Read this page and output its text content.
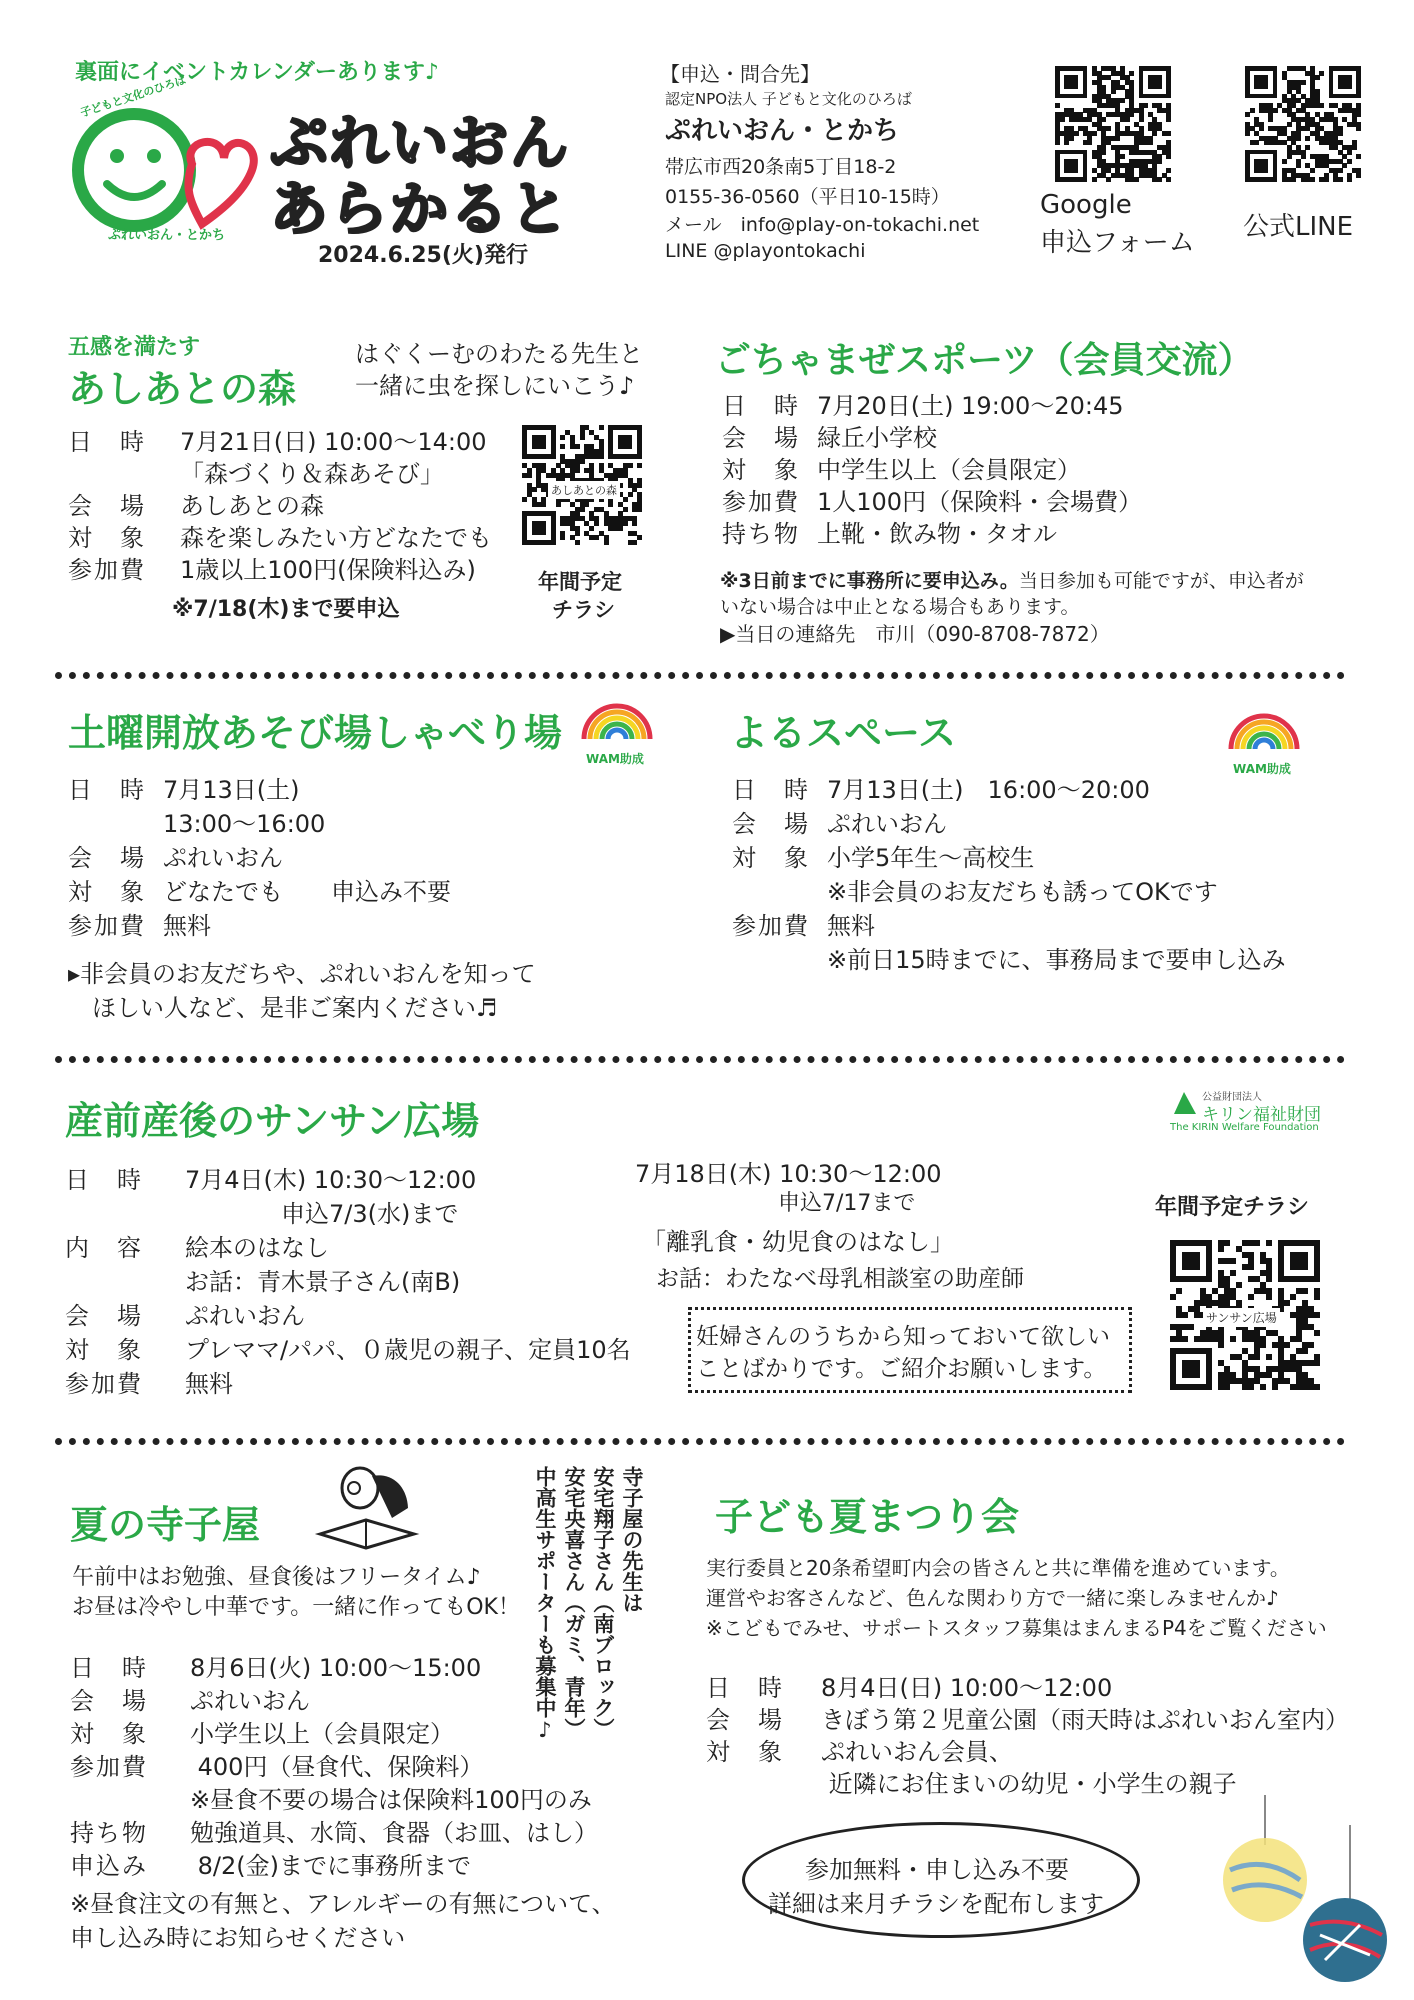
裏面にイベントカレンダーあります♪
子どもと文化のひろば
ぷれいおん・とかち
ぷれいおん
あらかると
2024.6.25(火)発行
【申込・問合先】
認定NPO法人 子どもと文化のひろば
ぷれいおん・とかち
帯広市西20条南5丁目18-2
0155-36-0560（平日10-15時）
メール　info@play-on-tokachi.net
LINE @playontokachi
Google
申込フォーム
公式LINE
五感を満たす
あしあとの森
はぐくーむのわたる先生と
一緒に虫を探しにいこう♪
日　時 7月21日(日) 10:00～14:00
「森づくり＆森あそび」
会　場 あしあとの森
対　象 森を楽しみたい方どなたでも
参加費 1歳以上100円(保険料込み)
※7/18(木)まで要申込
あしあとの森
年間予定
チラシ
ごちゃまぜスポーツ（会員交流）
日　時 7月20日(土) 19:00～20:45
会　場 緑丘小学校
対　象 中学生以上（会員限定）
参加費 1人100円（保険料・会場費）
持ち物 上靴・飲み物・タオル
※3日前までに事務所に要申込み。当日参加も可能ですが、申込者が
いない場合は中止となる場合もあります。
▶当日の連絡先　市川（090-8708-7872）
土曜開放あそび場しゃべり場
WAM助成
日　時 7月13日(土)
13:00～16:00
会　場 ぷれいおん
対　象 どなたでも　　申込み不要
参加費 無料
▸非会員のお友だちや、ぷれいおんを知って
ほしい人など、是非ご案内ください♬
よるスペース
WAM助成
日　時 7月13日(土)　16:00～20:00
会　場 ぷれいおん
対　象 小学5年生～高校生
※非会員のお友だちも誘ってOKです
参加費 無料
※前日15時までに、事務局まで要申し込み
産前産後のサンサン広場
公益財団法人
キリン福祉財団
The KIRIN Welfare Foundation
日　時 7月4日(木) 10:30～12:00
　　　　申込7/3(水)まで
内　容 絵本のはなし
お話：青木景子さん(南B)
会　場 ぷれいおん
対　象 プレママ/パパ、０歳児の親子、定員10名
参加費 無料
7月18日(木) 10:30～12:00
申込7/17まで
「離乳食・幼児食のはなし」
お話：わたなべ母乳相談室の助産師
妊婦さんのうちから知っておいて欲しい
ことばかりです。ご紹介お願いします。
年間予定チラシ
サンサン広場
夏の寺子屋
午前中はお勉強、昼食後はフリータイム♪
お昼は冷やし中華です。一緒に作ってもOK！
日　時 8月6日(火) 10:00～15:00
会　場 ぷれいおん
対　象 小学生以上（会員限定）
参加費 400円（昼食代、保険料）
※昼食不要の場合は保険料100円のみ
持ち物 勉強道具、水筒、食器（お皿、はし）
申込み 8/2(金)までに事務所まで
※昼食注文の有無と、アレルギーの有無について、
申し込み時にお知らせください
寺子屋の先生は
安宅翔子さん（南ブロック）
安宅央喜さん（ガミ、青年）
中高生サポーターも募集中♪	子ども夏まつり会
実行委員と20条希望町内会の皆さんと共に準備を進めています。
運営やお客さんなど、色んな関わり方で一緒に楽しみませんか♪
※こどもでみせ、サポートスタッフ募集はまんまるP4をご覧ください
日　時 8月4日(日) 10:00～12:00
会　場 きぼう第２児童公園（雨天時はぷれいおん室内）
対　象 ぷれいおん会員、
近隣にお住まいの幼児・小学生の親子
参加無料・申し込み不要
詳細は来月チラシを配布します
